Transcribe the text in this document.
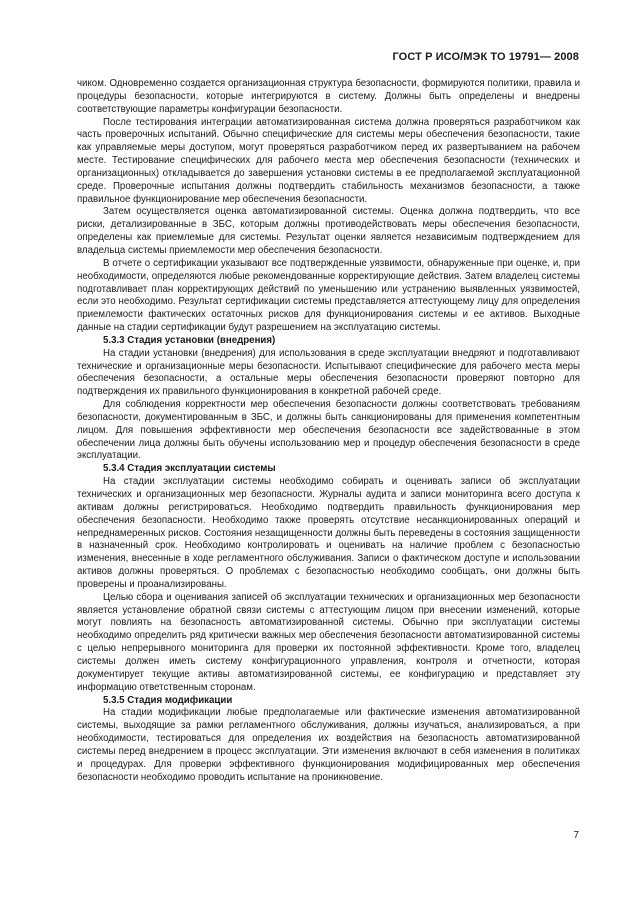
ГОСТ Р ИСО/МЭК ТО 19791— 2008

чиком. Одновременно создается организационная структура безопасности, формируются политики, правила и процедуры безопасности, которые интегрируются в систему. Должны быть определены и внедрены соответствующие параметры конфигурации безопасности.

После тестирования интеграции автоматизированная система должна проверяться разработчиком как часть проверочных испытаний. Обычно специфические для системы меры обеспечения безопасности, такие как управляемые меры доступом, могут проверяться разработчиком перед их развертыванием на рабочем месте. Тестирование специфических для рабочего места мер обеспечения безопасности (технических и организационных) откладывается до завершения установки системы в ее предполагаемой эксплуатационной среде. Проверочные испытания должны подтвердить стабильность механизмов безопасности, а также правильное функционирование мер обеспечения безопасности.

Затем осуществляется оценка автоматизированной системы. Оценка должна подтвердить, что все риски, детализированные в ЗБС, которым должны противодействовать меры обеспечения безопасности, определены как приемлемые для системы. Результат оценки является независимым подтверждением для владельца системы приемлемости мер обеспечения безопасности.

В отчете о сертификации указывают все подтвержденные уязвимости, обнаруженные при оценке, и, при необходимости, определяются любые рекомендованные корректирующие действия. Затем владелец системы подготавливает план корректирующих действий по уменьшению или устранению выявленных уязвимостей, если это необходимо. Результат сертификации системы представляется аттестующему лицу для определения приемлемости фактических остаточных рисков для функционирования системы и ее активов. Выходные данные на стадии сертификации будут разрешением на эксплуатацию системы.

5.3.3 Стадия установки (внедрения)

На стадии установки (внедрения) для использования в среде эксплуатации внедряют и подготавливают технические и организационные меры безопасности. Испытывают специфические для рабочего места меры обеспечения безопасности, а остальные меры обеспечения безопасности проверяют повторно для подтверждения их правильного функционирования в конкретной рабочей среде.

Для соблюдения корректности мер обеспечения безопасности должны соответствовать требованиям безопасности, документированным в ЗБС, и должны быть санкционированы для применения компетентным лицом. Для повышения эффективности мер обеспечения безопасности все задействованные в этом обеспечении лица должны быть обучены использованию мер и процедур обеспечения безопасности в среде эксплуатации.

5.3.4 Стадия эксплуатации системы

На стадии эксплуатации системы необходимо собирать и оценивать записи об эксплуатации технических и организационных мер безопасности. Журналы аудита и записи мониторинга всего доступа к активам должны регистрироваться. Необходимо подтвердить правильность функционирования мер обеспечения безопасности. Необходимо также проверять отсутствие несанкционированных операций и непреднамеренных рисков. Состояния незащищенности должны быть переведены в состояния защищенности в назначенный срок. Необходимо контролировать и оценивать на наличие проблем с безопасностью изменения, внесенные в ходе регламентного обслуживания. Записи о фактическом доступе и использовании активов должны проверяться. О проблемах с безопасностью необходимо сообщать, они должны быть проверены и проанализированы.

Целью сбора и оценивания записей об эксплуатации технических и организационных мер безопасности является установление обратной связи системы с аттестующим лицом при внесении изменений, которые могут повлиять на безопасность автоматизированной системы. Обычно при эксплуатации системы необходимо определить ряд критически важных мер обеспечения безопасности автоматизированной системы с целью непрерывного мониторинга для проверки их постоянной эффективности. Кроме того, владелец системы должен иметь систему конфигурационного управления, контроля и отчетности, которая документирует текущие активы автоматизированной системы, ее конфигурацию и представляет эту информацию ответственным сторонам.

5.3.5 Стадия модификации

На стадии модификации любые предполагаемые или фактические изменения автоматизированной системы, выходящие за рамки регламентного обслуживания, должны изучаться, анализироваться, а при необходимости, тестироваться для определения их воздействия на безопасность автоматизированной системы перед внедрением в процесс эксплуатации. Эти изменения включают в себя изменения в политиках и процедурах. Для проверки эффективного функционирования модифицированных мер обеспечения безопасности необходимо проводить испытание на проникновение.

7
